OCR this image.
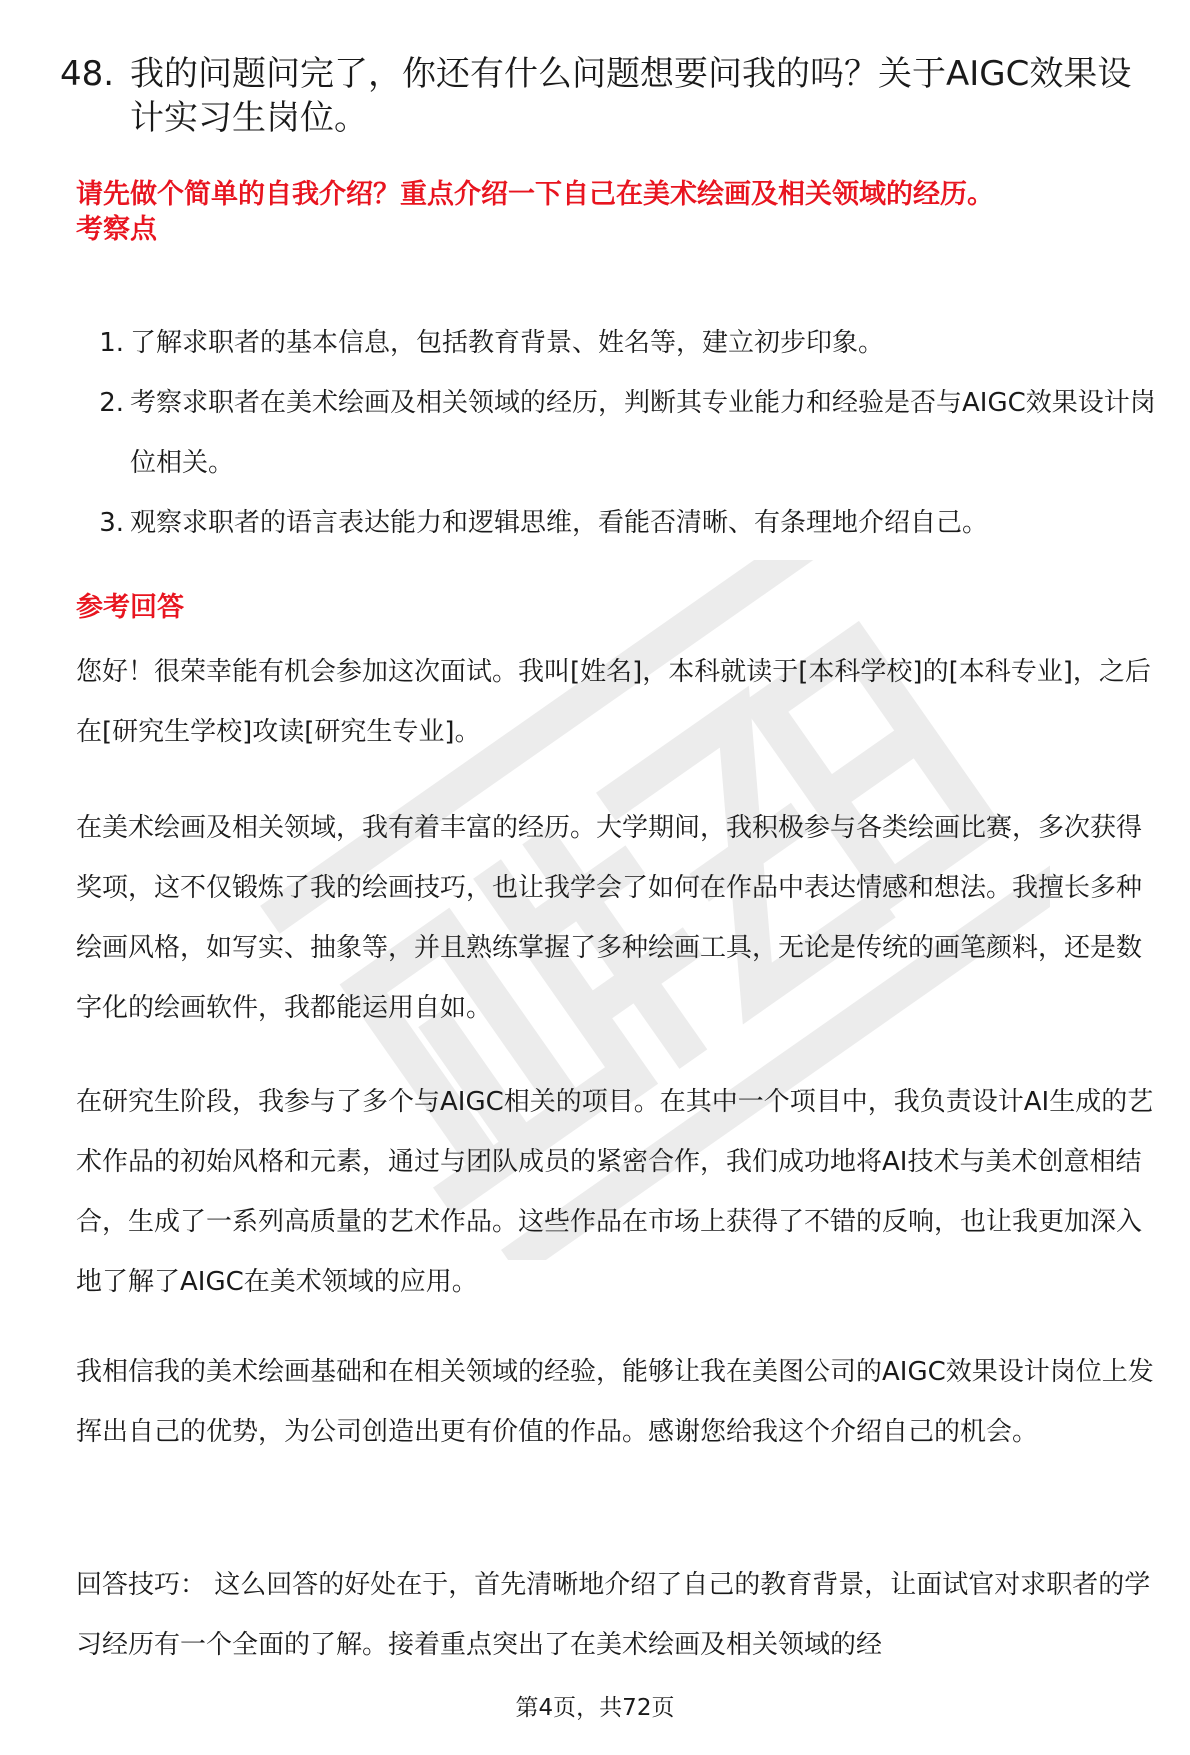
48. 我的问题问完了，你还有什么问题想要问我的吗？关于AIGC效果设计实习生岗位。
请先做个简单的自我介绍？重点介绍一下自己在美术绘画及相关领域的经历。
考察点
1. 了解求职者的基本信息，包括教育背景、姓名等，建立初步印象。
2. 考察求职者在美术绘画及相关领域的经历，判断其专业能力和经验是否与AIGC效果设计岗位相关。
3. 观察求职者的语言表达能力和逻辑思维，看能否清晰、有条理地介绍自己。
参考回答

您好！很荣幸能有机会参加这次面试。我叫[姓名]，本科就读于[本科学校]的[本科专业]，之后在[研究生学校]攻读[研究生专业]。

在美术绘画及相关领域，我有着丰富的经历。大学期间，我积极参与各类绘画比赛，多次获得奖项，这不仅锻炼了我的绘画技巧，也让我学会了如何在作品中表达情感和想法。我擅长多种绘画风格，如写实、抽象等，并且熟练掌握了多种绘画工具，无论是传统的画笔颜料，还是数字化的绘画软件，我都能运用自如。

在研究生阶段，我参与了多个与AIGC相关的项目。在其中一个项目中，我负责设计AI生成的艺术作品的初始风格和元素，通过与团队成员的紧密合作，我们成功地将AI技术与美术创意相结合，生成了一系列高质量的艺术作品。这些作品在市场上获得了不错的反响，也让我更加深入地了解了AIGC在美术领域的应用。

我相信我的美术绘画基础和在相关领域的经验，能够让我在美图公司的AIGC效果设计岗位上发挥出自己的优势，为公司创造出更有价值的作品。感谢您给我这个介绍自己的机会。

回答技巧： 这么回答的好处在于，首先清晰地介绍了自己的教育背景，让面试官对求职者的学习经历有一个全面的了解。接着重点突出了在美术绘画及相关领域的经

第4页，共72页
